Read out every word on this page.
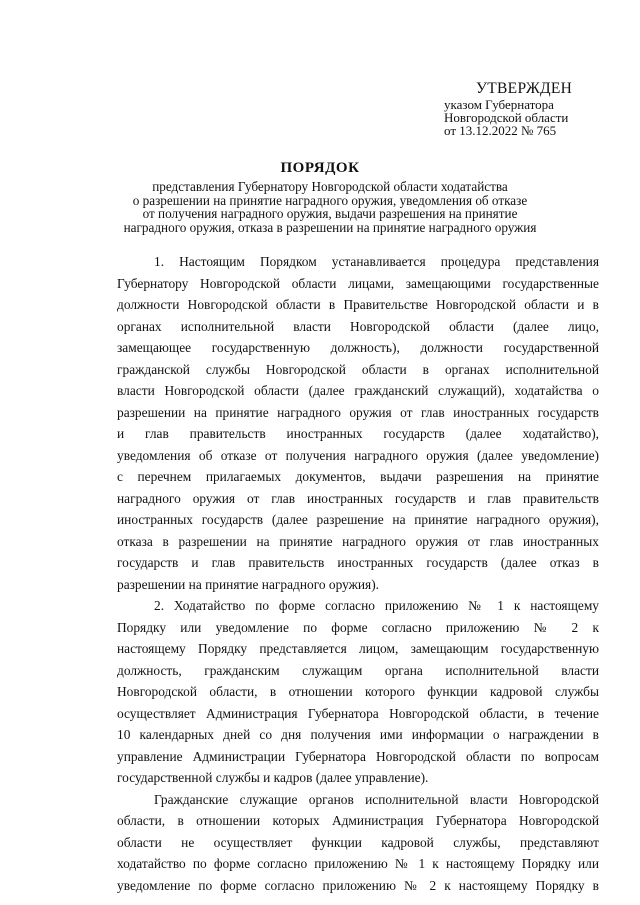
УТВЕРЖДЕН
указом Губернатора
Новгородской области
от 13.12.2022 № 765
ПОРЯДОК
представления Губернатору Новгородской области ходатайства
о разрешении на принятие наградного оружия, уведомления об отказе
от получения наградного оружия, выдачи разрешения на принятие
наградного оружия, отказа в разрешении на принятие наградного оружия
1. Настоящим Порядком устанавливается процедура представления
Губернатору Новгородской области лицами, замещающими государственные
должности Новгородской области в Правительстве Новгородской области и в
органах исполнительной власти Новгородской области (далее лицо,
замещающее государственную должность), должности государственной
гражданской службы Новгородской области в органах исполнительной
власти Новгородской области (далее гражданский служащий), ходатайства о
разрешении на принятие наградного оружия от глав иностранных государств
и глав правительств иностранных государств (далее ходатайство),
уведомления об отказе от получения наградного оружия (далее уведомление)
с перечнем прилагаемых документов, выдачи разрешения на принятие
наградного оружия от глав иностранных государств и глав правительств
иностранных государств (далее разрешение на принятие наградного оружия),
отказа в разрешении на принятие наградного оружия от глав иностранных
государств и глав правительств иностранных государств (далее отказ в
разрешении на принятие наградного оружия).
2. Ходатайство по форме согласно приложению № 1 к настоящему
Порядку или уведомление по форме согласно приложению № 2 к
настоящему Порядку представляется лицом, замещающим государственную
должность, гражданским служащим органа исполнительной власти
Новгородской области, в отношении которого функции кадровой службы
осуществляет Администрация Губернатора Новгородской области, в течение
10 календарных дней со дня получения ими информации о награждении в
управление Администрации Губернатора Новгородской области по вопросам
государственной службы и кадров (далее управление).
Гражданские служащие органов исполнительной власти Новгородской
области, в отношении которых Администрация Губернатора Новгородской
области не осуществляет функции кадровой службы, представляют
ходатайство по форме согласно приложению № 1 к настоящему Порядку или
уведомление по форме согласно приложению № 2 к настоящему Порядку в
